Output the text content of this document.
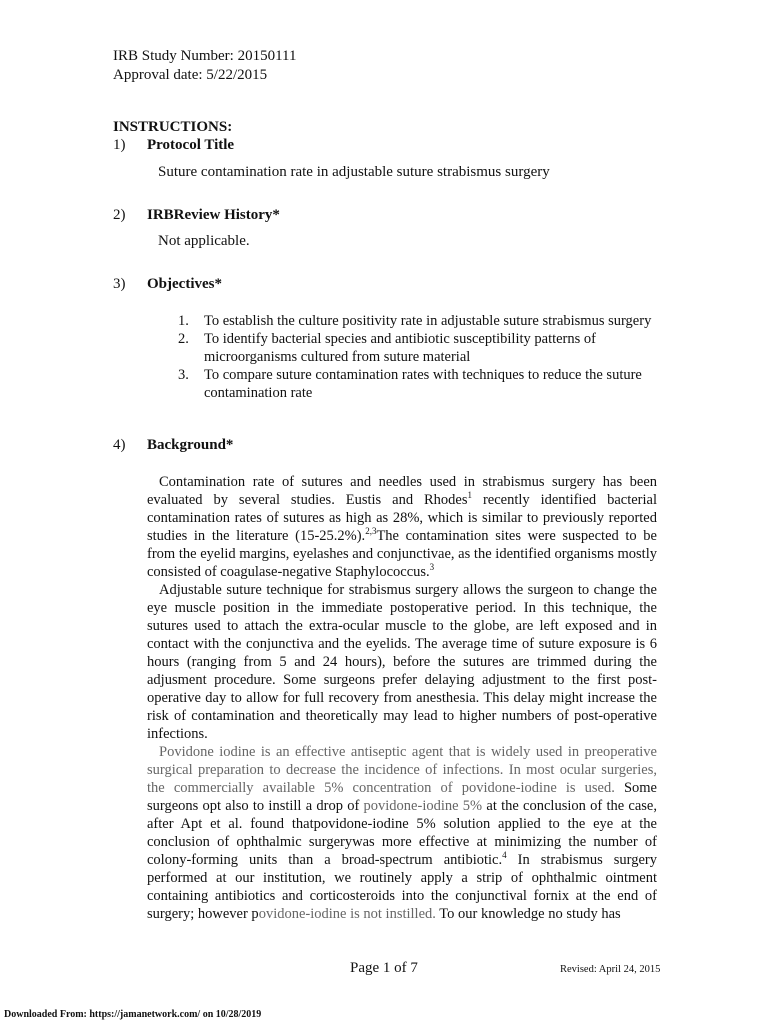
IRB Study Number: 20150111
Approval date: 5/22/2015
INSTRUCTIONS:
1) Protocol Title
Suture contamination rate in adjustable suture strabismus surgery
2) IRBReview History*
Not applicable.
3) Objectives*
1. To establish the culture positivity rate in adjustable suture strabismus surgery
2. To identify bacterial species and antibiotic susceptibility patterns of microorganisms cultured from suture material
3. To compare suture contamination rates with techniques to reduce the suture contamination rate
4) Background*

Contamination rate of sutures and needles used in strabismus surgery has been evaluated by several studies. Eustis and Rhodes$^1$ recently identified bacterial contamination rates of sutures as high as 28%, which is similar to previously reported studies in the literature (15-25.2%).$^{2,3}$The contamination sites were suspected to be from the eyelid margins, eyelashes and conjunctivae, as the identified organisms mostly consisted of coagulase-negative Staphylococcus.$^3$

Adjustable suture technique for strabismus surgery allows the surgeon to change the eye muscle position in the immediate postoperative period. In this technique, the sutures used to attach the extra-ocular muscle to the globe, are left exposed and in contact with the conjunctiva and the eyelids. The average time of suture exposure is 6 hours (ranging from 5 and 24 hours), before the sutures are trimmed during the adjusment procedure. Some surgeons prefer delaying adjustment to the first post-operative day to allow for full recovery from anesthesia. This delay might increase the risk of contamination and theoretically may lead to higher numbers of post-operative infections.

Povidone iodine is an effective antiseptic agent that is widely used in preoperative surgical preparation to decrease the incidence of infections. In most ocular surgeries, the commercially available 5% concentration of povidone-iodine is used. Some surgeons opt also to instill a drop of povidone-iodine 5% at the conclusion of the case, after Apt et al. found thatpovidone-iodine 5% solution applied to the eye at the conclusion of ophthalmic surgerywas more effective at minimizing the number of colony-forming units than a broad-spectrum antibiotic.$^4$ In strabismus surgery performed at our institution, we routinely apply a strip of ophthalmic ointment containing antibiotics and corticosteroids into the conjunctival fornix at the end of surgery; however povidone-iodine is not instilled. To our knowledge no study has

Page 1 of 7	Revised: April 24, 2015
Downloaded From: https://jamanetwork.com/ on 10/28/2019
